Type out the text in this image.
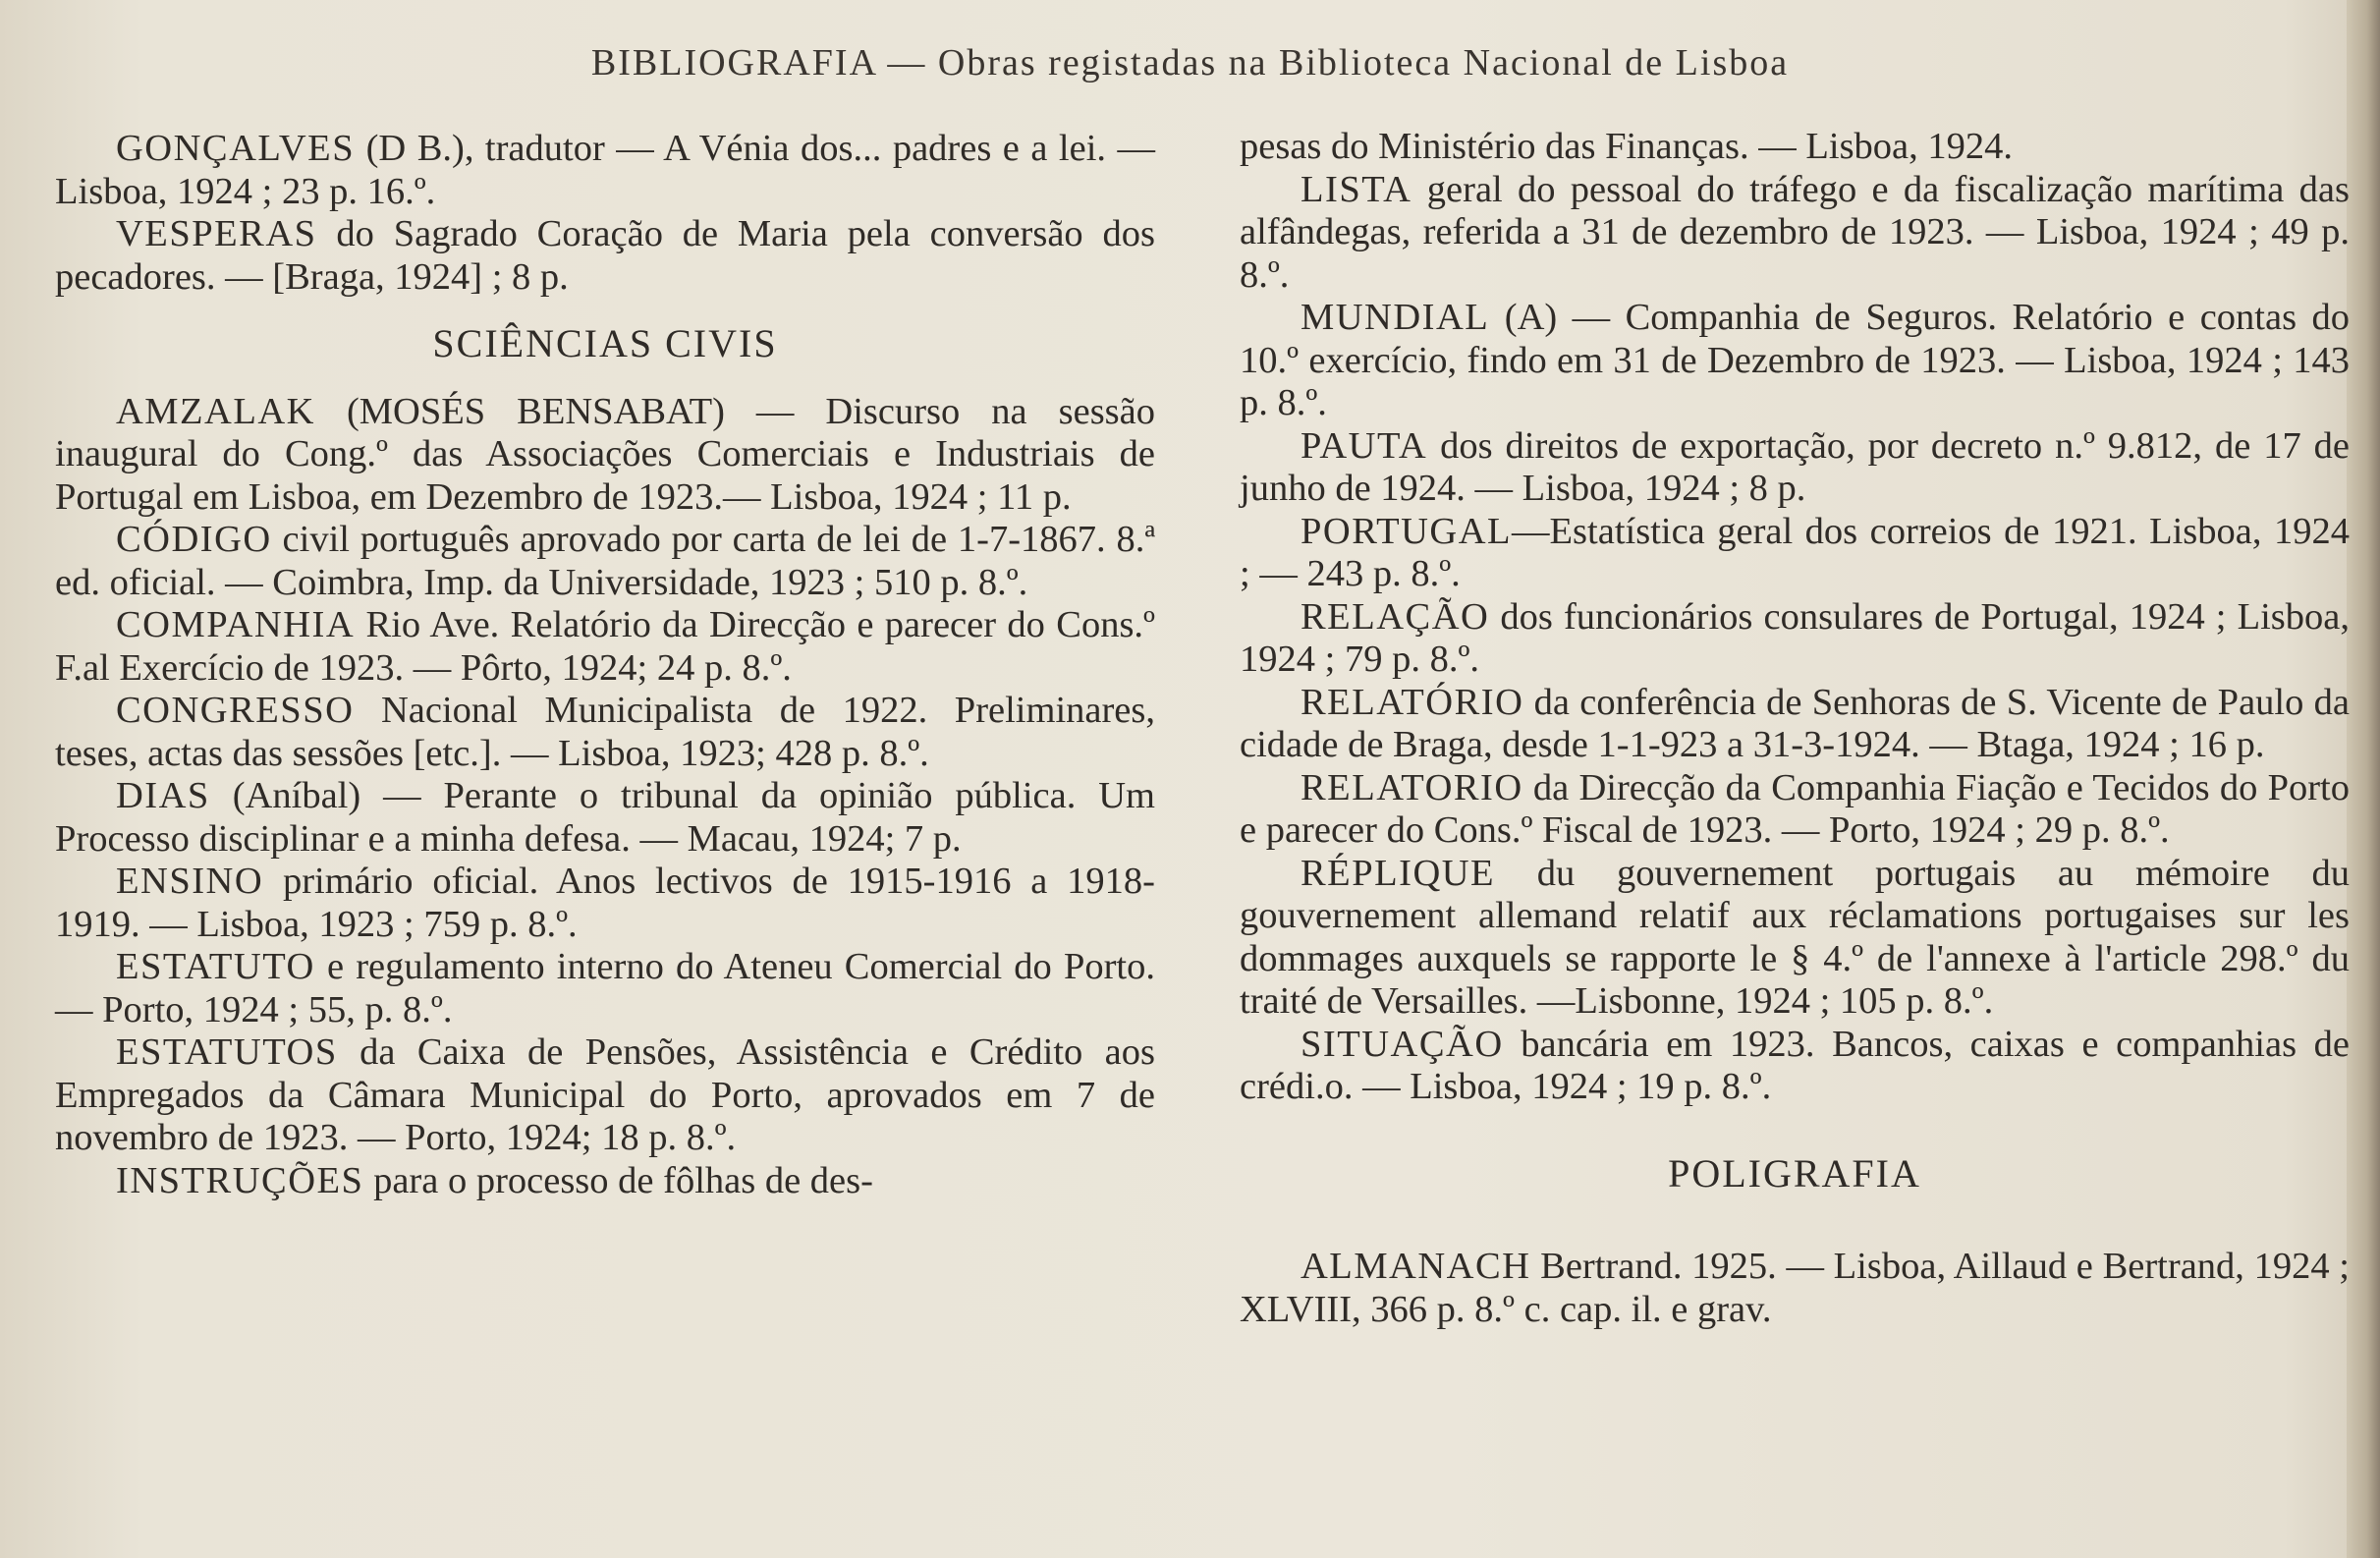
BIBLIOGRAFIA — Obras registadas na Biblioteca Nacional de Lisboa

GONÇALVES (D B.), tradutor — A Vénia dos... padres e a lei. — Lisboa, 1924 ; 23 p. 16.º.

VESPERAS do Sagrado Coração de Maria pela conversão dos pecadores. — [Braga, 1924] ; 8 p.

SCIÊNCIAS CIVIS

AMZALAK (MOSÉS BENSABAT) — Discurso na sessão inaugural do Cong.º das Associações Comerciais e Industriais de Portugal em Lisboa, em Dezembro de 1923.— Lisboa, 1924 ; 11 p.

CÓDIGO civil português aprovado por carta de lei de 1-7-1867. 8.ª ed. oficial. — Coimbra, Imp. da Universidade, 1923 ; 510 p. 8.º.

COMPANHIA Rio Ave. Relatório da Direcção e parecer do Cons.º F.al Exercício de 1923. — Pôrto, 1924; 24 p. 8.º.

CONGRESSO Nacional Municipalista de 1922. Preliminares, teses, actas das sessões [etc.]. — Lisboa, 1923; 428 p. 8.º.

DIAS (Aníbal) — Perante o tribunal da opinião pública. Um Processo disciplinar e a minha defesa. — Macau, 1924; 7 p.

ENSINO primário oficial. Anos lectivos de 1915-1916 a 1918-1919. — Lisboa, 1923 ; 759 p. 8.º.

ESTATUTO e regulamento interno do Ateneu Comercial do Porto. — Porto, 1924 ; 55, p. 8.º.

ESTATUTOS da Caixa de Pensões, Assistência e Crédito aos Empregados da Câmara Municipal do Porto, aprovados em 7 de novembro de 1923. — Porto, 1924; 18 p. 8.º.

INSTRUÇÕES para o processo de fôlhas de des-

pesas do Ministério das Finanças. — Lisboa, 1924.

LISTA geral do pessoal do tráfego e da fiscalização marítima das alfândegas, referida a 31 de dezembro de 1923. — Lisboa, 1924 ; 49 p. 8.º.

MUNDIAL (A) — Companhia de Seguros. Relatório e contas do 10.º exercício, findo em 31 de Dezembro de 1923. — Lisboa, 1924 ; 143 p. 8.º.

PAUTA dos direitos de exportação, por decreto n.º 9.812, de 17 de junho de 1924. — Lisboa, 1924 ; 8 p.

PORTUGAL—Estatística geral dos correios de 1921. Lisboa, 1924 ; — 243 p. 8.º.

RELAÇÃO dos funcionários consulares de Portugal, 1924 ; Lisboa, 1924 ; 79 p. 8.º.

RELATÓRIO da conferência de Senhoras de S. Vicente de Paulo da cidade de Braga, desde 1-1-923 a 31-3-1924. — Btaga, 1924 ; 16 p.

RELATORIO da Direcção da Companhia Fiação e Tecidos do Porto e parecer do Cons.º Fiscal de 1923. — Porto, 1924 ; 29 p. 8.º.

RÉPLIQUE du gouvernement portugais au mémoire du gouvernement allemand relatif aux réclamations portugaises sur les dommages auxquels se rapporte le § 4.º de l'annexe à l'article 298.º du traité de Versailles. —Lisbonne, 1924 ; 105 p. 8.º.

SITUAÇÃO bancária em 1923. Bancos, caixas e companhias de crédi.o. — Lisboa, 1924 ; 19 p. 8.º.

POLIGRAFIA

ALMANACH Bertrand. 1925. — Lisboa, Aillaud e Bertrand, 1924 ; XLVIII, 366 p. 8.º c. cap. il. e grav.
